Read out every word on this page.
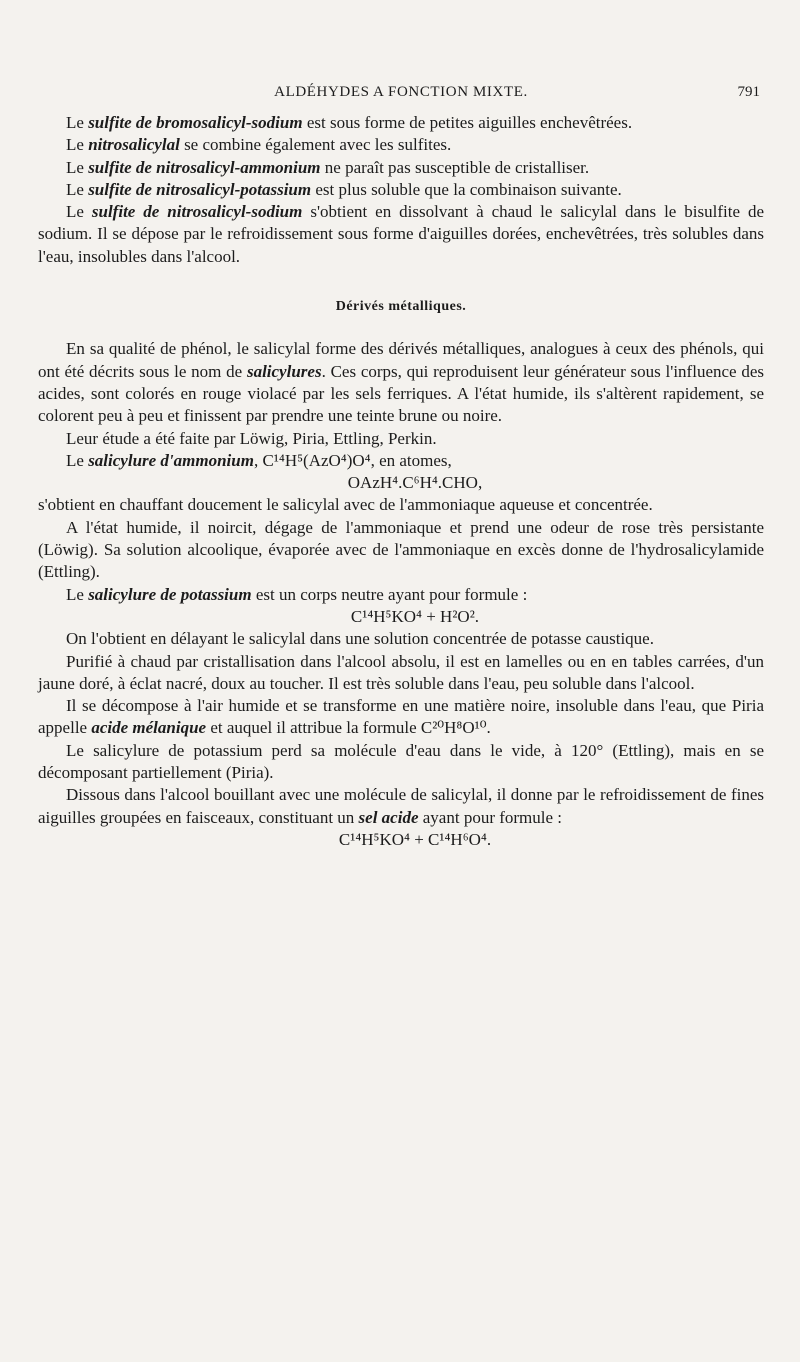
ALDÉHYDES A FONCTION MIXTE.	791

Le sulfite de bromosalicyl-sodium est sous forme de petites aiguilles enchevêtrées.

Le nitrosalicylal se combine également avec les sulfites.

Le sulfite de nitrosalicyl-ammonium ne paraît pas susceptible de cristalliser.

Le sulfite de nitrosalicyl-potassium est plus soluble que la combinaison suivante.

Le sulfite de nitrosalicyl-sodium s'obtient en dissolvant à chaud le salicylal dans le bisulfite de sodium. Il se dépose par le refroidissement sous forme d'aiguilles dorées, enchevêtrées, très solubles dans l'eau, insolubles dans l'alcool.

Dérivés métalliques.

En sa qualité de phénol, le salicylal forme des dérivés métalliques, analogues à ceux des phénols, qui ont été décrits sous le nom de salicylures. Ces corps, qui reproduisent leur générateur sous l'influence des acides, sont colorés en rouge violacé par les sels ferriques. A l'état humide, ils s'altèrent rapidement, se colorent peu à peu et finissent par prendre une teinte brune ou noire.

Leur étude a été faite par Löwig, Piria, Ettling, Perkin.

Le salicylure d'ammonium, C¹⁴H⁵(AzO⁴)O⁴, en atomes,

OAzH⁴.C⁶H⁴.CHO,

s'obtient en chauffant doucement le salicylal avec de l'ammoniaque aqueuse et concentrée.

A l'état humide, il noircit, dégage de l'ammoniaque et prend une odeur de rose très persistante (Löwig). Sa solution alcoolique, évaporée avec de l'ammoniaque en excès donne de l'hydrosalicylamide (Ettling).

Le salicylure de potassium est un corps neutre ayant pour formule :

C¹⁴H⁵KO⁴ + H²O².

On l'obtient en délayant le salicylal dans une solution concentrée de potasse caustique.

Purifié à chaud par cristallisation dans l'alcool absolu, il est en lamelles ou en en tables carrées, d'un jaune doré, à éclat nacré, doux au toucher. Il est très soluble dans l'eau, peu soluble dans l'alcool.

Il se décompose à l'air humide et se transforme en une matière noire, insoluble dans l'eau, que Piria appelle acide mélanique et auquel il attribue la formule C²⁰H⁸O¹⁰.

Le salicylure de potassium perd sa molécule d'eau dans le vide, à 120° (Ettling), mais en se décomposant partiellement (Piria).

Dissous dans l'alcool bouillant avec une molécule de salicylal, il donne par le refroidissement de fines aiguilles groupées en faisceaux, constituant un sel acide ayant pour formule :

C¹⁴H⁵KO⁴ + C¹⁴H⁶O⁴.
